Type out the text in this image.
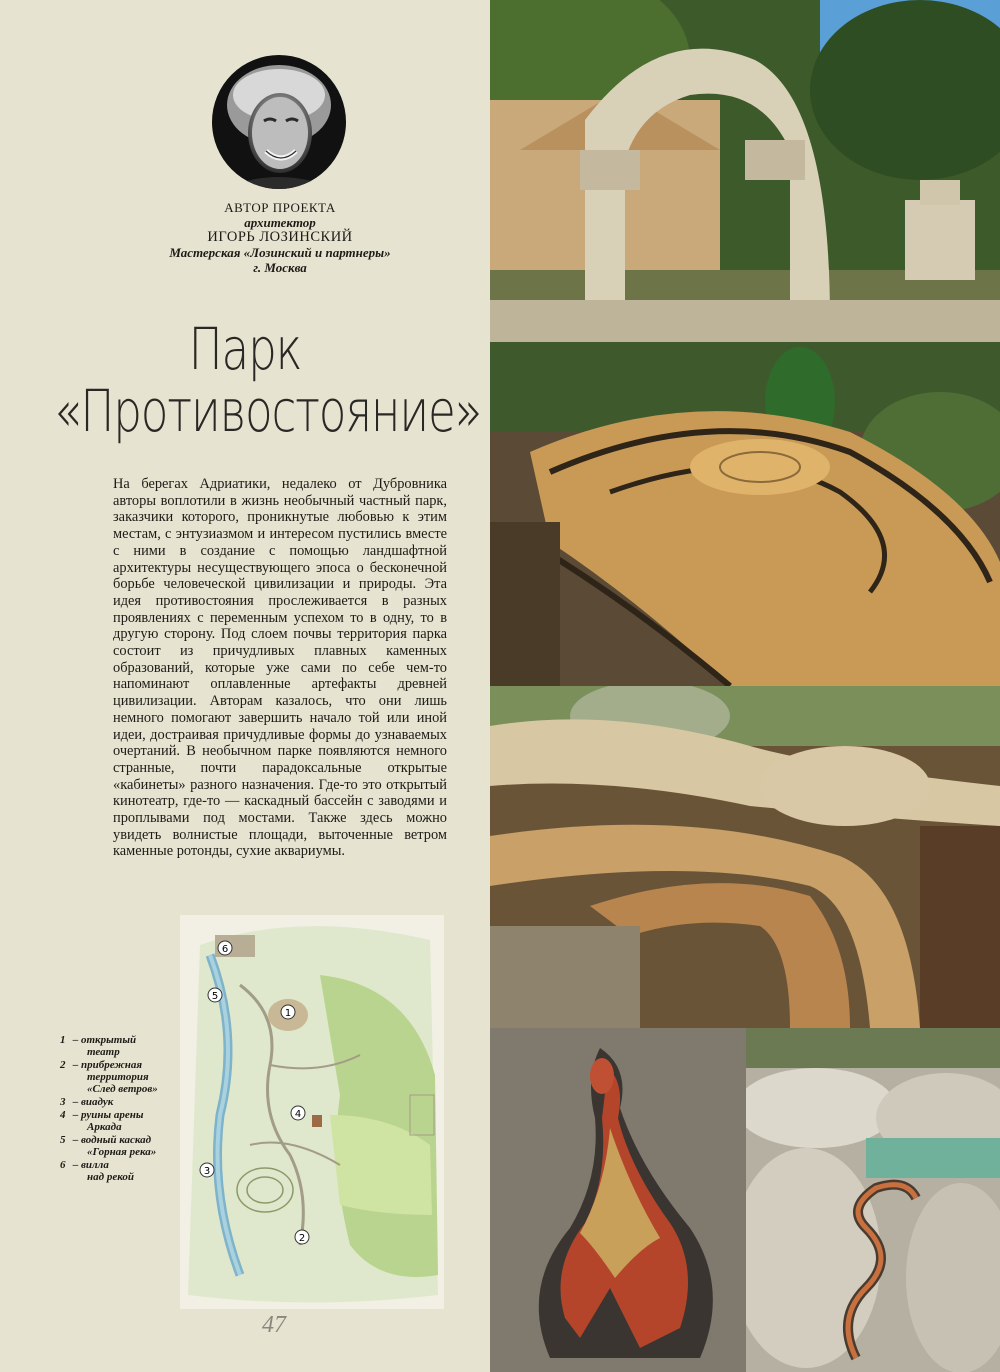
АВТОР ПРОЕКТА
архитектор
ИГОРЬ ЛОЗИНСКИЙ
Мастерская «Лозинский и партнеры»
г. Москва
Парк
«Противостояние»

На берегах Адриатики, недалеко от Дубровника авторы воплотили в жизнь необычный частный парк, заказчики которого, проникнутые любовью к этим местам, с энтузиазмом и интересом пустились вместе с ними в создание с помощью ландшафтной архитектуры несуществующего эпоса о бесконечной борьбе человеческой цивилизации и природы. Эта идея противостояния прослеживается в разных проявлениях с переменным успехом то в одну, то в другую сторону. Под слоем почвы территория парка состоит из причудливых плавных каменных образований, которые уже сами по себе чем-то напоминают оплавленные артефакты древней цивилизации. Авторам казалось, что они лишь немного помогают завершить начало той или иной идеи, достраивая причудливые формы до узнаваемых очертаний. В необычном парке появляются немного странные, почти парадоксальные открытые «кабинеты» разного назначения. Где-то это открытый кинотеатр, где-то — каскадный бассейн с заводями и проплывами под мостами. Также здесь можно увидеть волнистые площади, выточенные ветром каменные ротонды, сухие аквариумы.

6
5
1
4
3
2
1 – открытый
театр
2 – прибрежная
территория
«След ветров»
3 – виадук
4 – руины арены
Аркада
5 – водный каскад
«Горная река»
6 – вилла
над рекой
47
